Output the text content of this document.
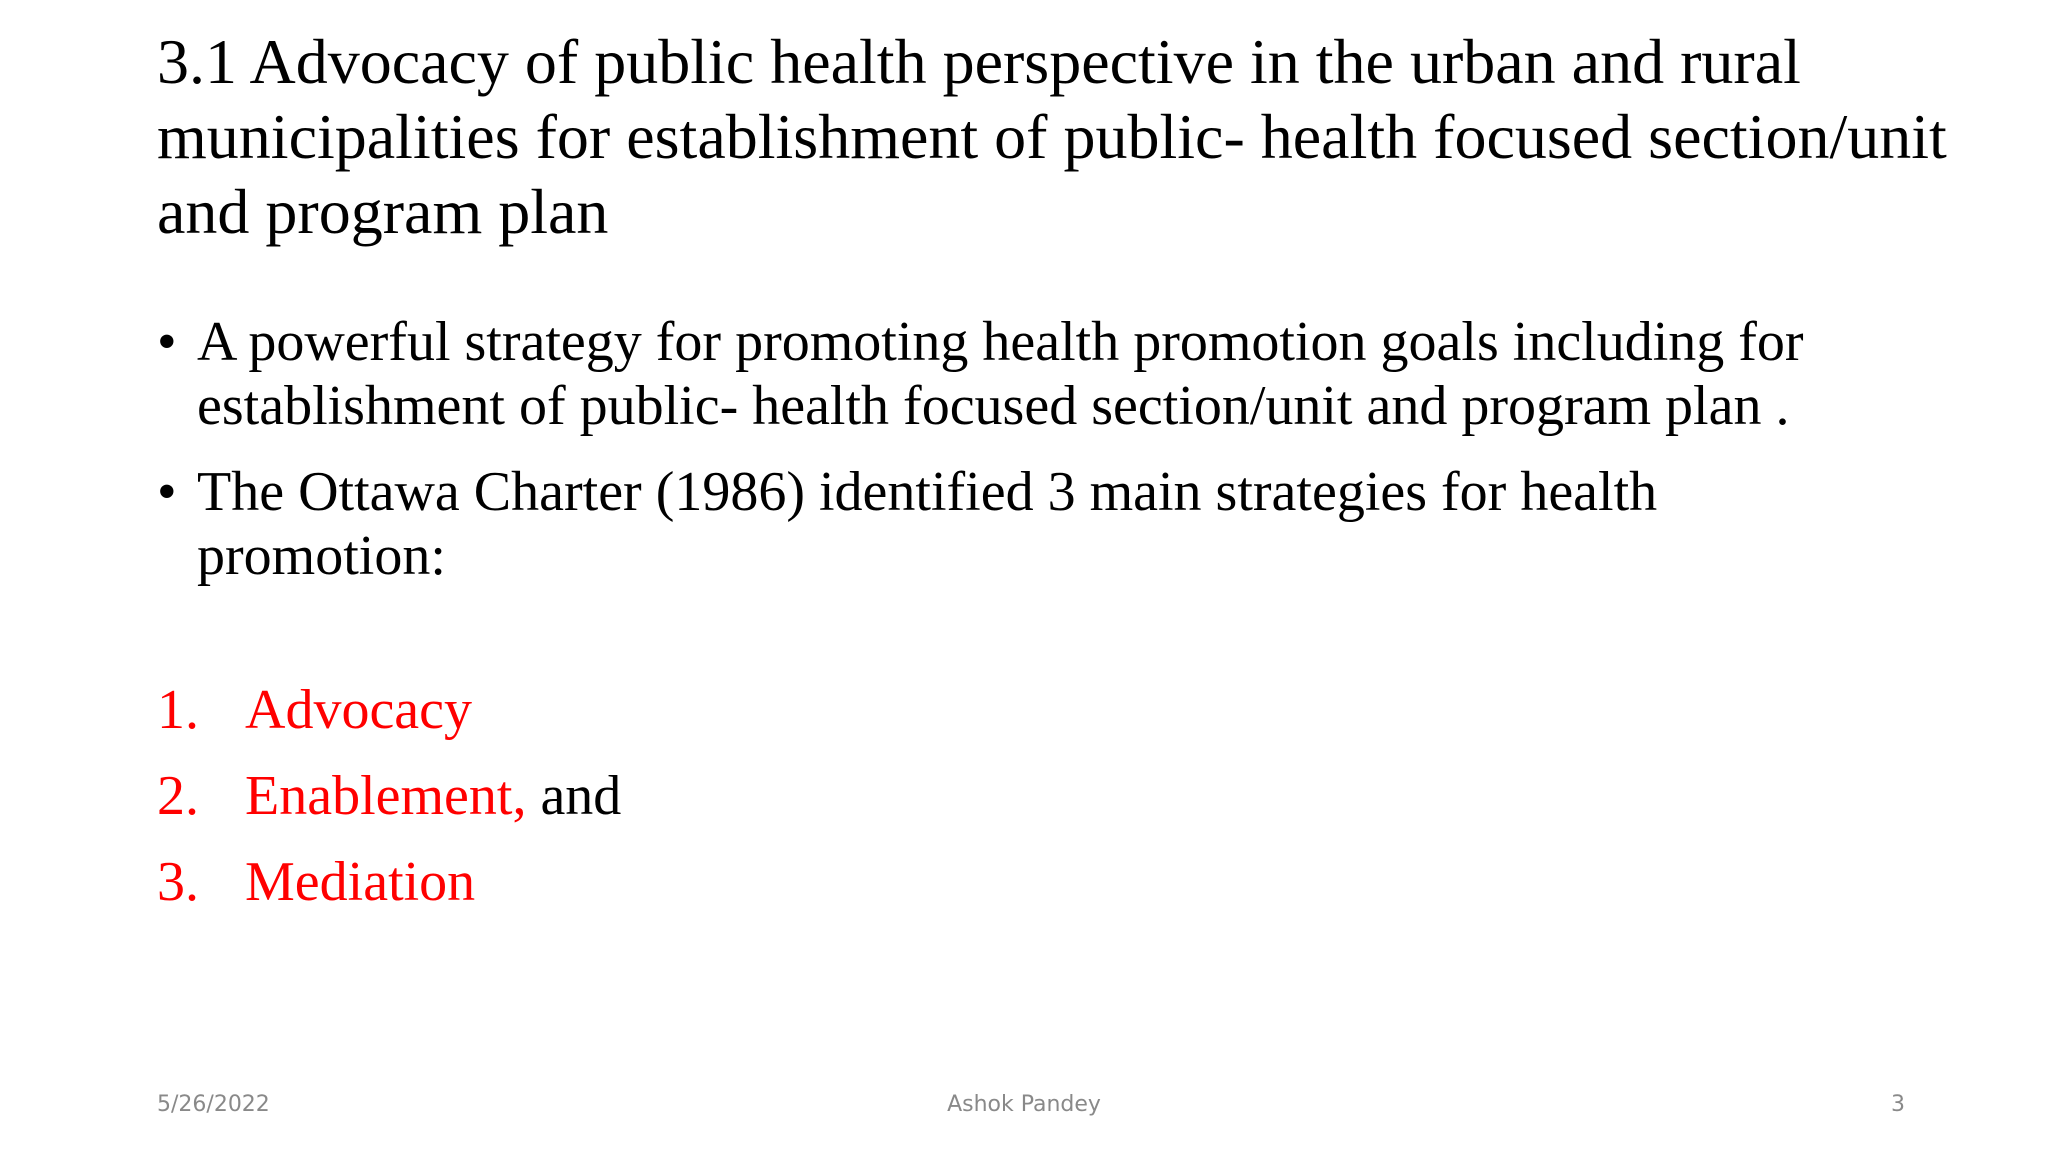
3.1 Advocacy of public health perspective in the urban and rural municipalities for establishment of public- health focused section/unit and program plan
• A powerful strategy for promoting health promotion goals including for establishment of public- health focused section/unit and program plan .
• The Ottawa Charter (1986) identified 3 main strategies for health promotion:
1. Advocacy
2. Enablement, and
3. Mediation
5/26/2022	Ashok Pandey	3
